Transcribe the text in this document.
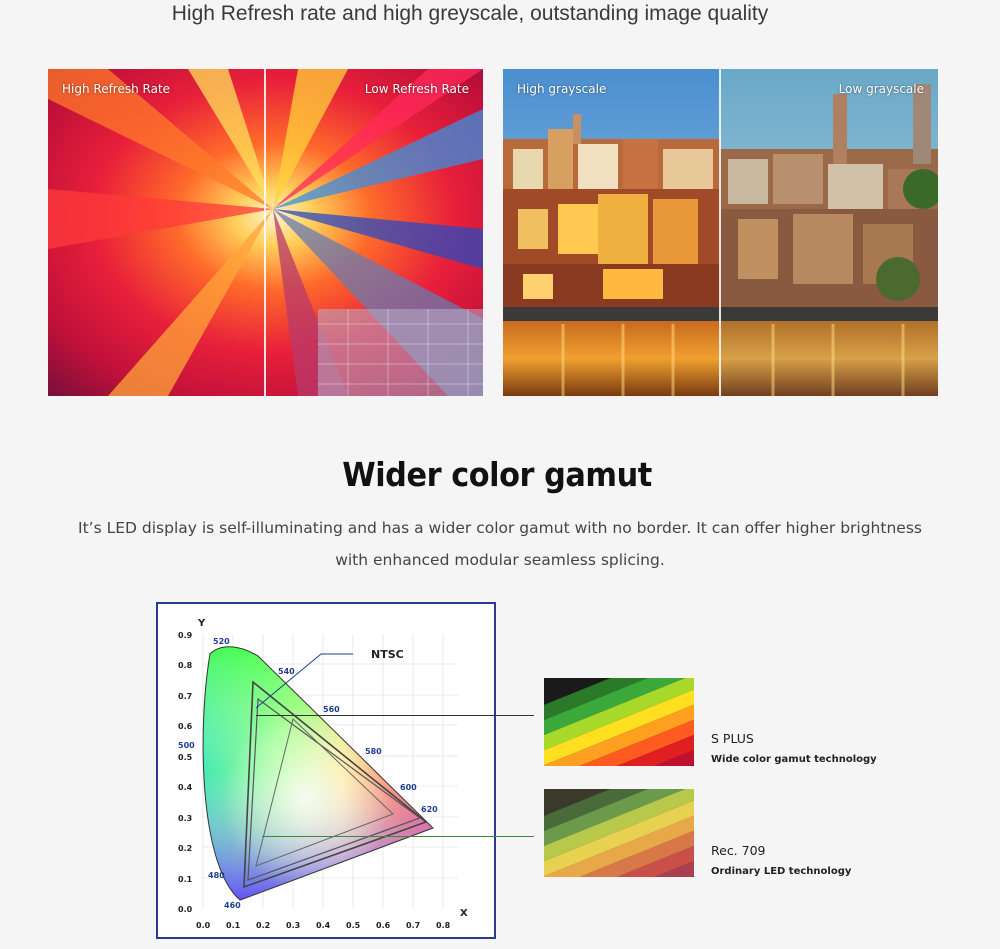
High Refresh rate and high greyscale, outstanding image quality
High Refresh Rate	Low Refresh Rate	High grayscale	Low grayscale
Wider color gamut
It’s LED display is self-illuminating and has a wider color gamut with no border. It can offer higher brightness
with enhanced modular seamless splicing.
NTSC
Y
X
0.9
0.8
0.7
0.6
0.5
0.4
0.3
0.2
0.1
0.0
0.0 0.1 0.2 0.3 0.4 0.5 0.6 0.7 0.8
520
540
560
580
600
620
500
480
460
S PLUS
Wide color gamut technology
Rec. 709
Ordinary LED technology
